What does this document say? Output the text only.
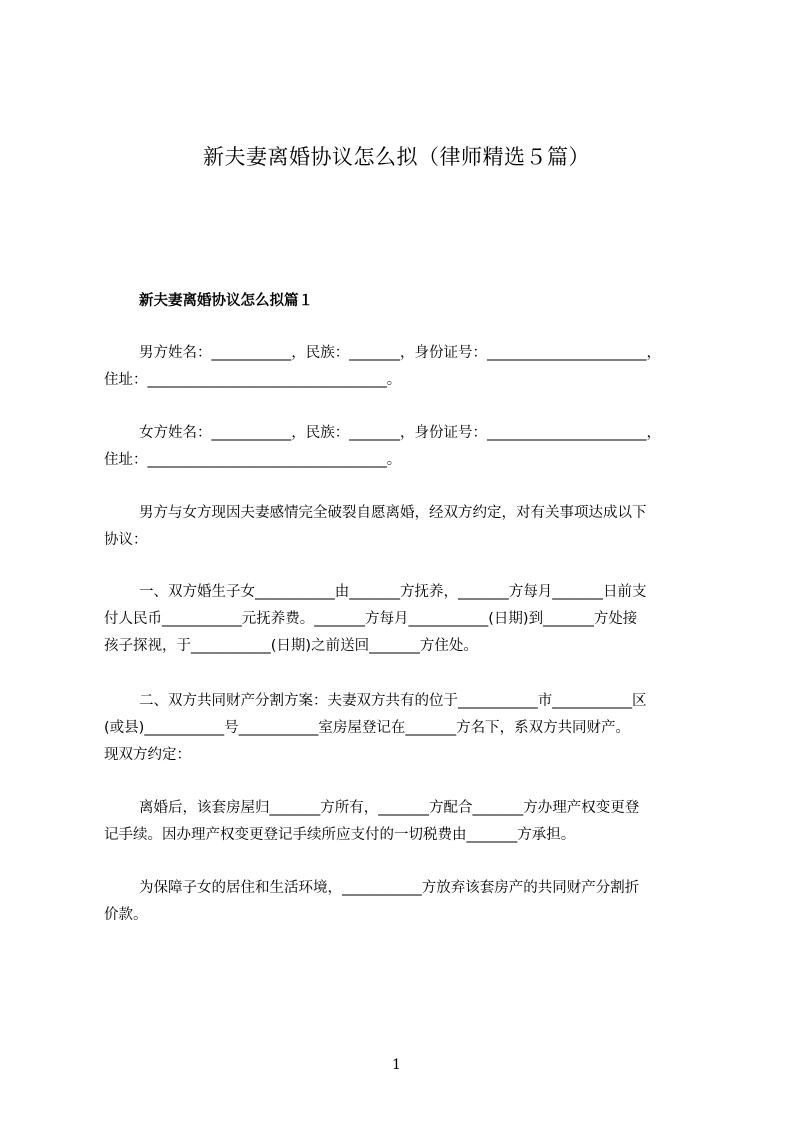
新夫妻离婚协议怎么拟（律师精选５篇）
新夫妻离婚协议怎么拟篇１
男方姓名：___________，民族：_______，身份证号：______________________，
住址：_________________________________。
女方姓名：___________，民族：_______，身份证号：______________________，
住址：_________________________________。
男方与女方现因夫妻感情完全破裂自愿离婚，经双方约定，对有关事项达成以下
协议：
一、双方婚生子女___________由_______方抚养，_______方每月_______日前支
付人民币___________元抚养费。_______方每月___________(日期)到_______方处接
孩子探视，于___________(日期)之前送回_______方住处。
二、双方共同财产分割方案：夫妻双方共有的位于___________市___________区
(或县)___________号___________室房屋登记在_______方名下，系双方共同财产。
现双方约定：
离婚后，该套房屋归_______方所有，_______方配合_______方办理产权变更登
记手续。因办理产权变更登记手续所应支付的一切税费由_______方承担。
为保障子女的居住和生活环境，___________方放弃该套房产的共同财产分割折
价款。
1
